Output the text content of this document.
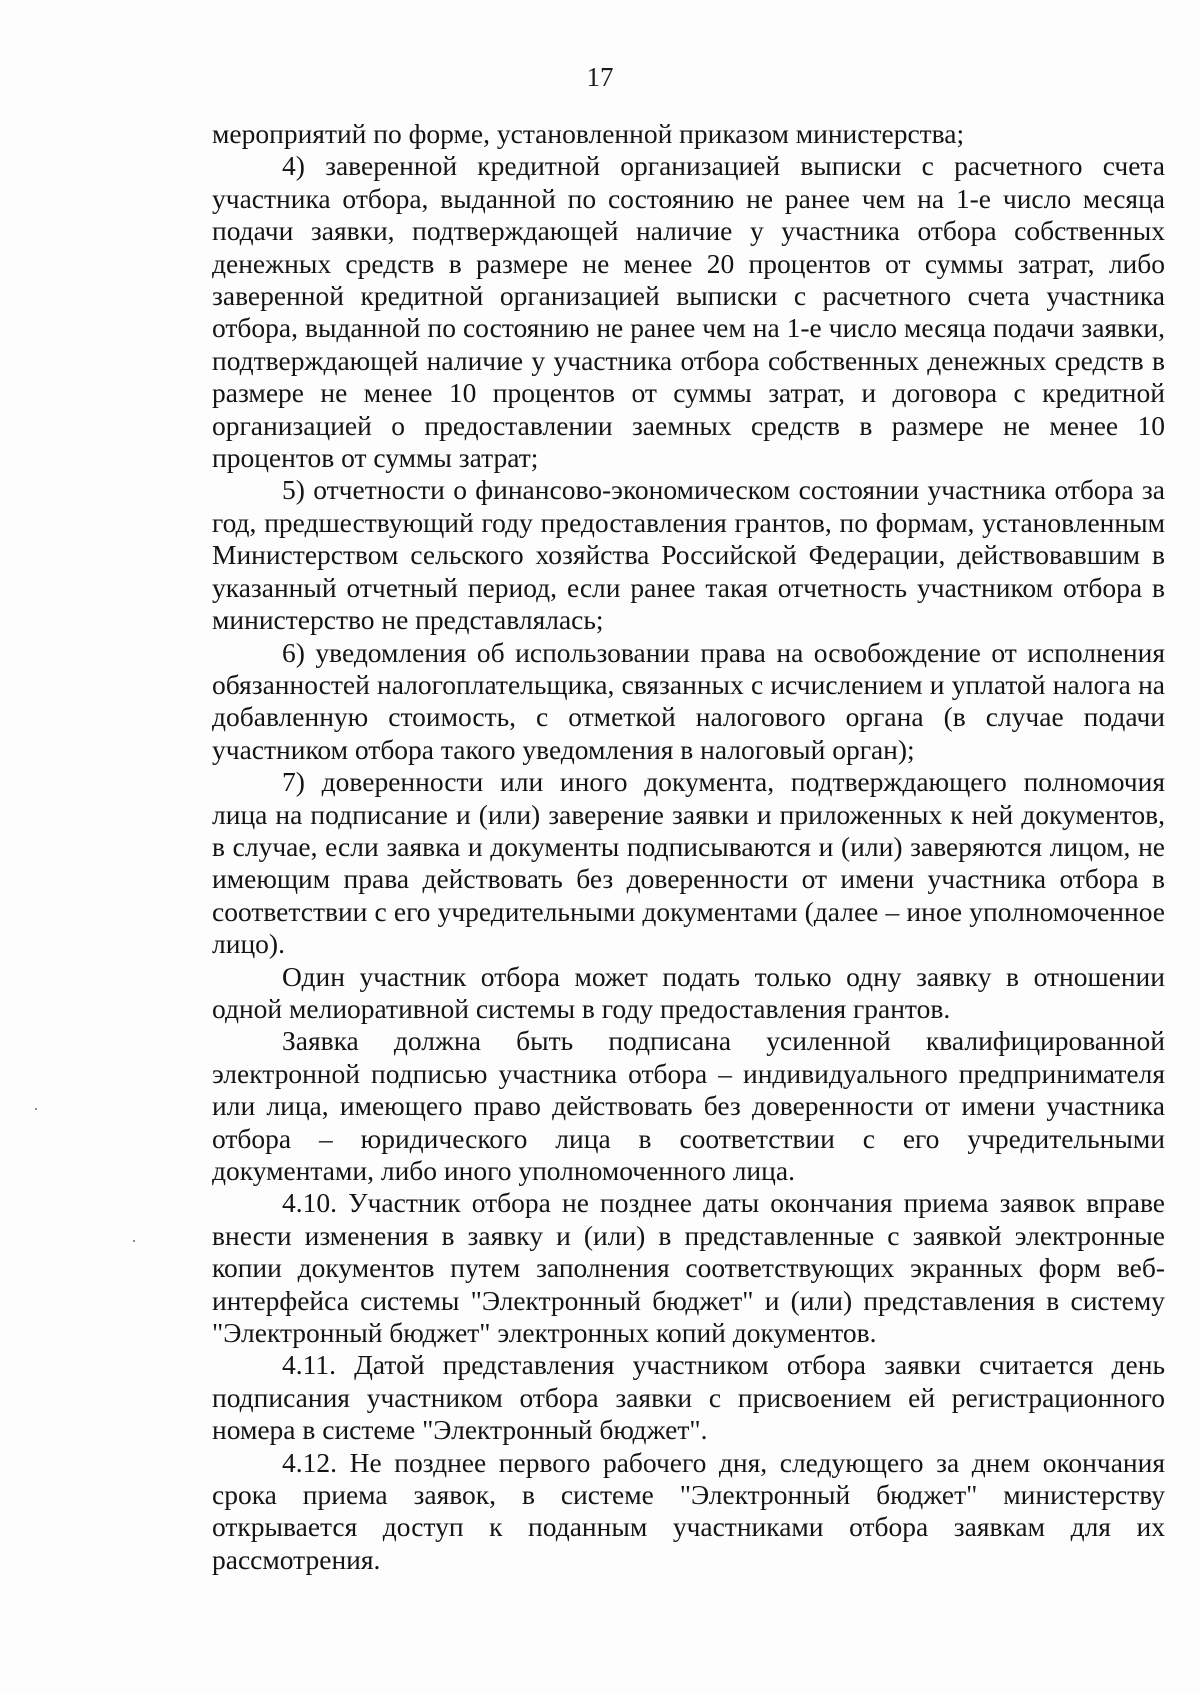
17

мероприятий по форме, установленной приказом министерства;

4) заверенной кредитной организацией выписки с расчетного счета участника отбора, выданной по состоянию не ранее чем на 1-е число месяца подачи заявки, подтверждающей наличие у участника отбора собственных денежных средств в размере не менее 20 процентов от суммы затрат, либо заверенной кредитной организацией выписки с расчетного счета участника отбора, выданной по состоянию не ранее чем на 1-е число месяца подачи заявки, подтверждающей наличие у участника отбора собственных денежных средств в размере не менее 10 процентов от суммы затрат, и договора с кредитной организацией о предоставлении заемных средств в размере не менее 10 процентов от суммы затрат;

5) отчетности о финансово-экономическом состоянии участника отбора за год, предшествующий году предоставления грантов, по формам, установленным Министерством сельского хозяйства Российской Федерации, действовавшим в указанный отчетный период, если ранее такая отчетность участником отбора в министерство не представлялась;

6) уведомления об использовании права на освобождение от исполнения обязанностей налогоплательщика, связанных с исчислением и уплатой налога на добавленную стоимость, с отметкой налогового органа (в случае подачи участником отбора такого уведомления в налоговый орган);

7) доверенности или иного документа, подтверждающего полномочия лица на подписание и (или) заверение заявки и приложенных к ней документов, в случае, если заявка и документы подписываются и (или) заверяются лицом, не имеющим права действовать без доверенности от имени участника отбора в соответствии с его учредительными документами (далее – иное уполномоченное лицо).

Один участник отбора может подать только одну заявку в отношении одной мелиоративной системы в году предоставления грантов.

Заявка должна быть подписана усиленной квалифицированной электронной подписью участника отбора – индивидуального предпринимателя или лица, имеющего право действовать без доверенности от имени участника отбора – юридического лица в соответствии с его учредительными документами, либо иного уполномоченного лица.

4.10. Участник отбора не позднее даты окончания приема заявок вправе внести изменения в заявку и (или) в представленные с заявкой электронные копии документов путем заполнения соответствующих экранных форм веб-интерфейса системы "Электронный бюджет" и (или) представления в систему "Электронный бюджет" электронных копий документов.

4.11. Датой представления участником отбора заявки считается день подписания участником отбора заявки с присвоением ей регистрационного номера в системе "Электронный бюджет".

4.12. Не позднее первого рабочего дня, следующего за днем окончания срока приема заявок, в системе "Электронный бюджет" министерству открывается доступ к поданным участниками отбора заявкам для их рассмотрения.
